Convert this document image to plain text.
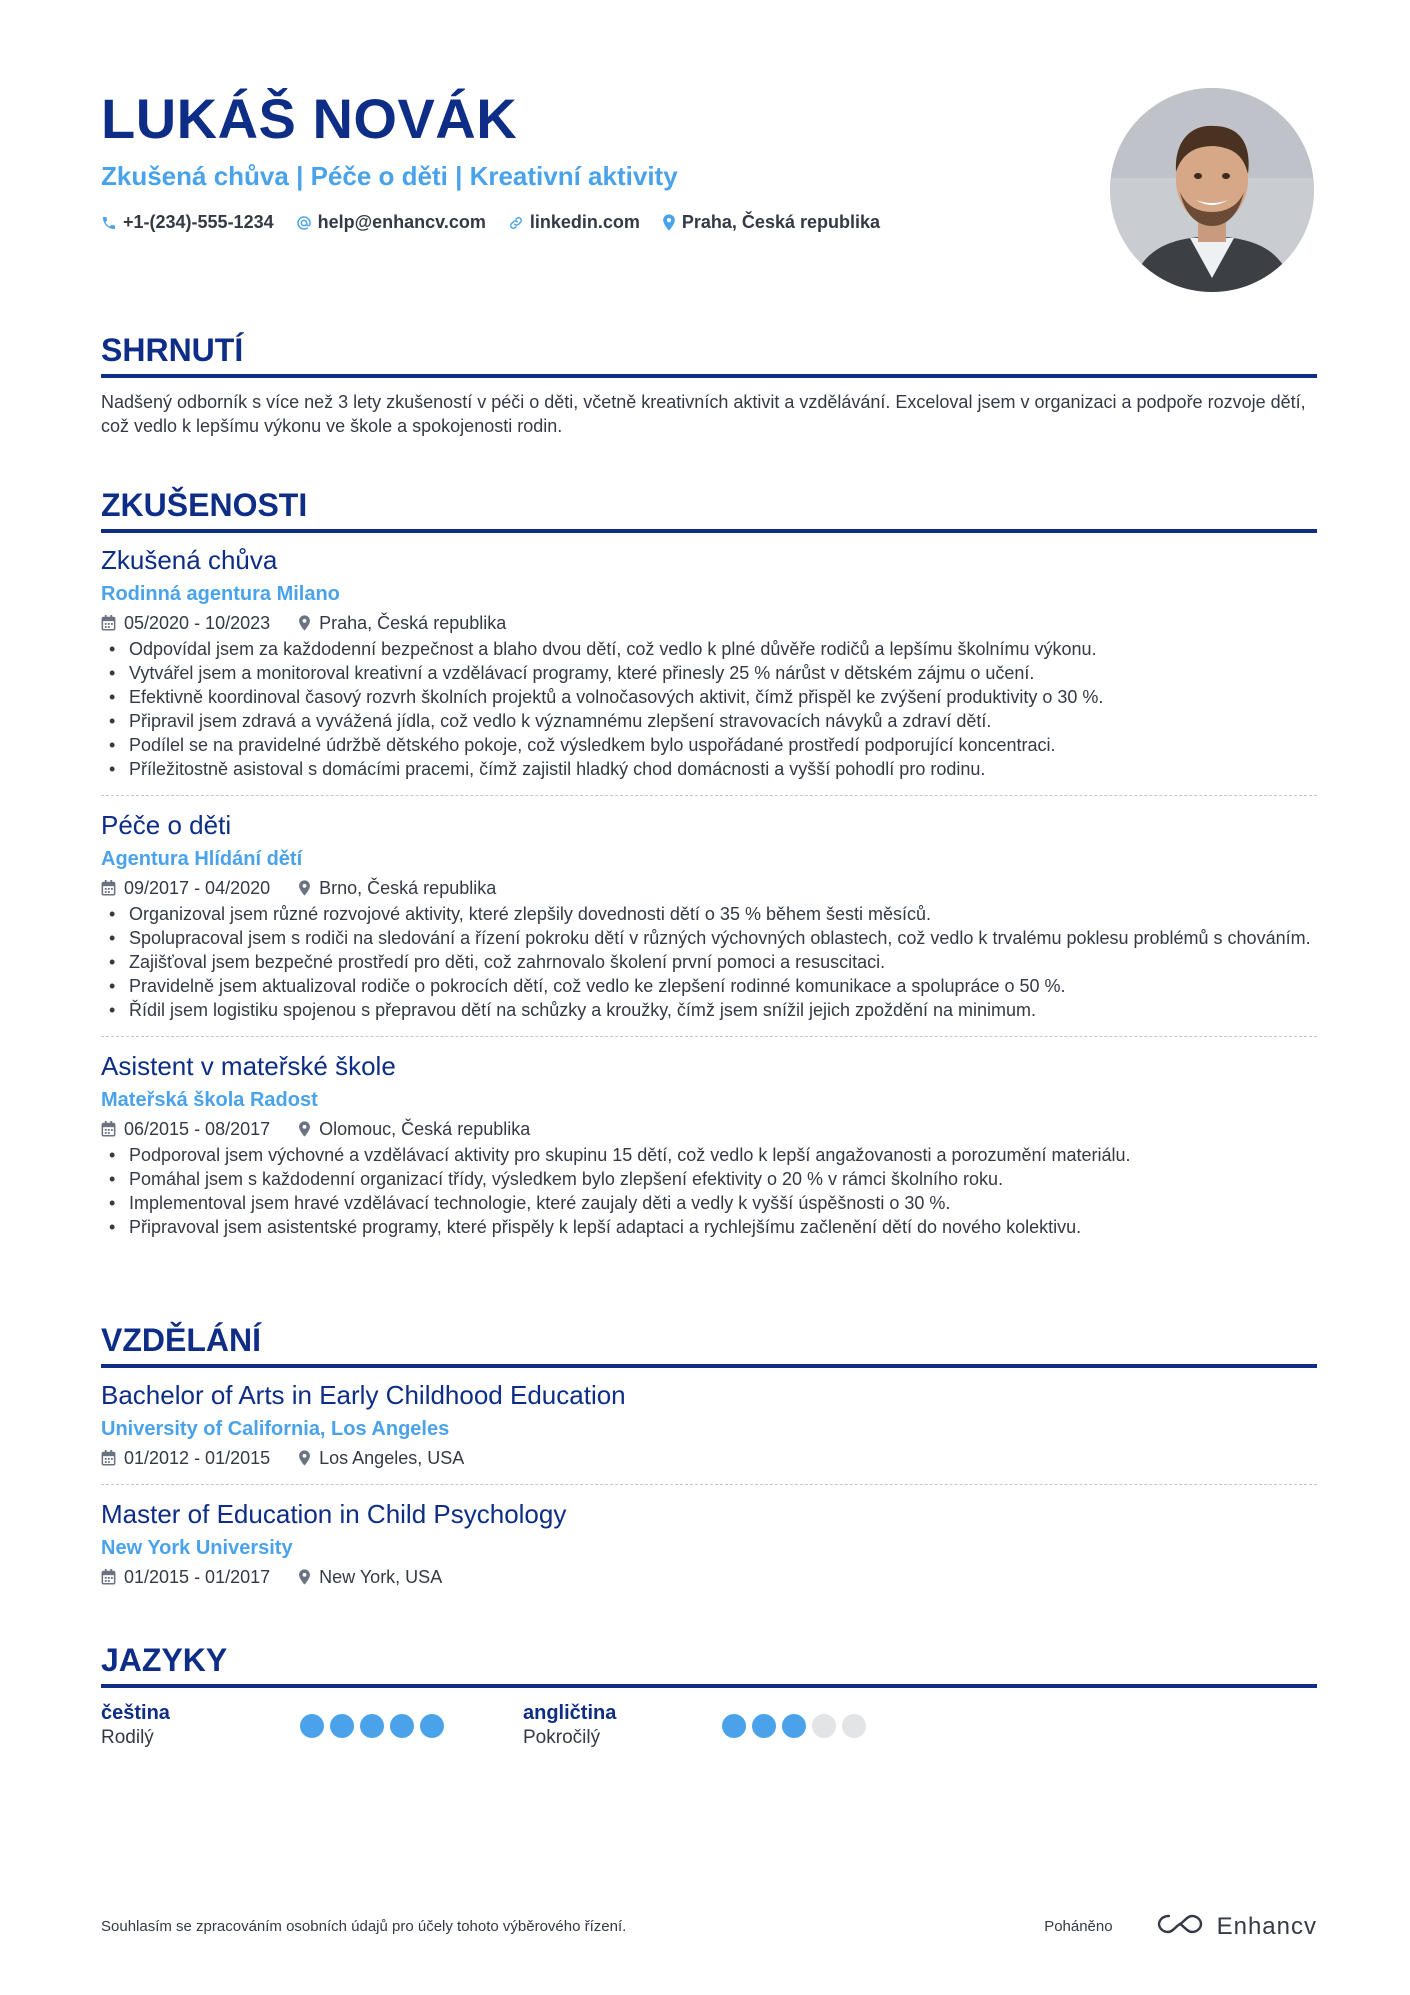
LUKÁŠ NOVÁK
Zkušená chůva | Péče o děti | Kreativní aktivity
+1-(234)-555-1234 help@enhancv.com linkedin.com Praha, Česká republika
SHRNUTÍ
Nadšený odborník s více než 3 lety zkušeností v péči o děti, včetně kreativních aktivit a vzdělávání. Exceloval jsem v organizaci a podpoře rozvoje dětí, což vedlo k lepšímu výkonu ve škole a spokojenosti rodin.
ZKUŠENOSTI
Zkušená chůva
Rodinná agentura Milano
05/2020 - 10/2023	Praha, Česká republika
• Odpovídal jsem za každodenní bezpečnost a blaho dvou dětí, což vedlo k plné důvěře rodičů a lepšímu školnímu výkonu.
• Vytvářel jsem a monitoroval kreativní a vzdělávací programy, které přinesly 25 % nárůst v dětském zájmu o učení.
• Efektivně koordinoval časový rozvrh školních projektů a volnočasových aktivit, čímž přispěl ke zvýšení produktivity o 30 %.
• Připravil jsem zdravá a vyvážená jídla, což vedlo k významnému zlepšení stravovacích návyků a zdraví dětí.
• Podílel se na pravidelné údržbě dětského pokoje, což výsledkem bylo uspořádané prostředí podporující koncentraci.
• Příležitostně asistoval s domácími pracemi, čímž zajistil hladký chod domácnosti a vyšší pohodlí pro rodinu.
Péče o děti
Agentura Hlídání dětí
09/2017 - 04/2020	Brno, Česká republika
• Organizoval jsem různé rozvojové aktivity, které zlepšily dovednosti dětí o 35 % během šesti měsíců.
• Spolupracoval jsem s rodiči na sledování a řízení pokroku dětí v různých výchovných oblastech, což vedlo k trvalému poklesu problémů s chováním.
• Zajišťoval jsem bezpečné prostředí pro děti, což zahrnovalo školení první pomoci a resuscitaci.
• Pravidelně jsem aktualizoval rodiče o pokrocích dětí, což vedlo ke zlepšení rodinné komunikace a spolupráce o 50 %.
• Řídil jsem logistiku spojenou s přepravou dětí na schůzky a kroužky, čímž jsem snížil jejich zpoždění na minimum.
Asistent v mateřské škole
Mateřská škola Radost
06/2015 - 08/2017	Olomouc, Česká republika
• Podporoval jsem výchovné a vzdělávací aktivity pro skupinu 15 dětí, což vedlo k lepší angažovanosti a porozumění materiálu.
• Pomáhal jsem s každodenní organizací třídy, výsledkem bylo zlepšení efektivity o 20 % v rámci školního roku.
• Implementoval jsem hravé vzdělávací technologie, které zaujaly děti a vedly k vyšší úspěšnosti o 30 %.
• Připravoval jsem asistentské programy, které přispěly k lepší adaptaci a rychlejšímu začlenění dětí do nového kolektivu.
VZDĚLÁNÍ
Bachelor of Arts in Early Childhood Education
University of California, Los Angeles
01/2012 - 01/2015	Los Angeles, USA
Master of Education in Child Psychology
New York University
01/2015 - 01/2017	New York, USA
JAZYKY
čeština
Rodilý
angličtina
Pokročilý
Souhlasím se zpracováním osobních údajů pro účely tohoto výběrového řízení.	Poháněno	Enhancv
